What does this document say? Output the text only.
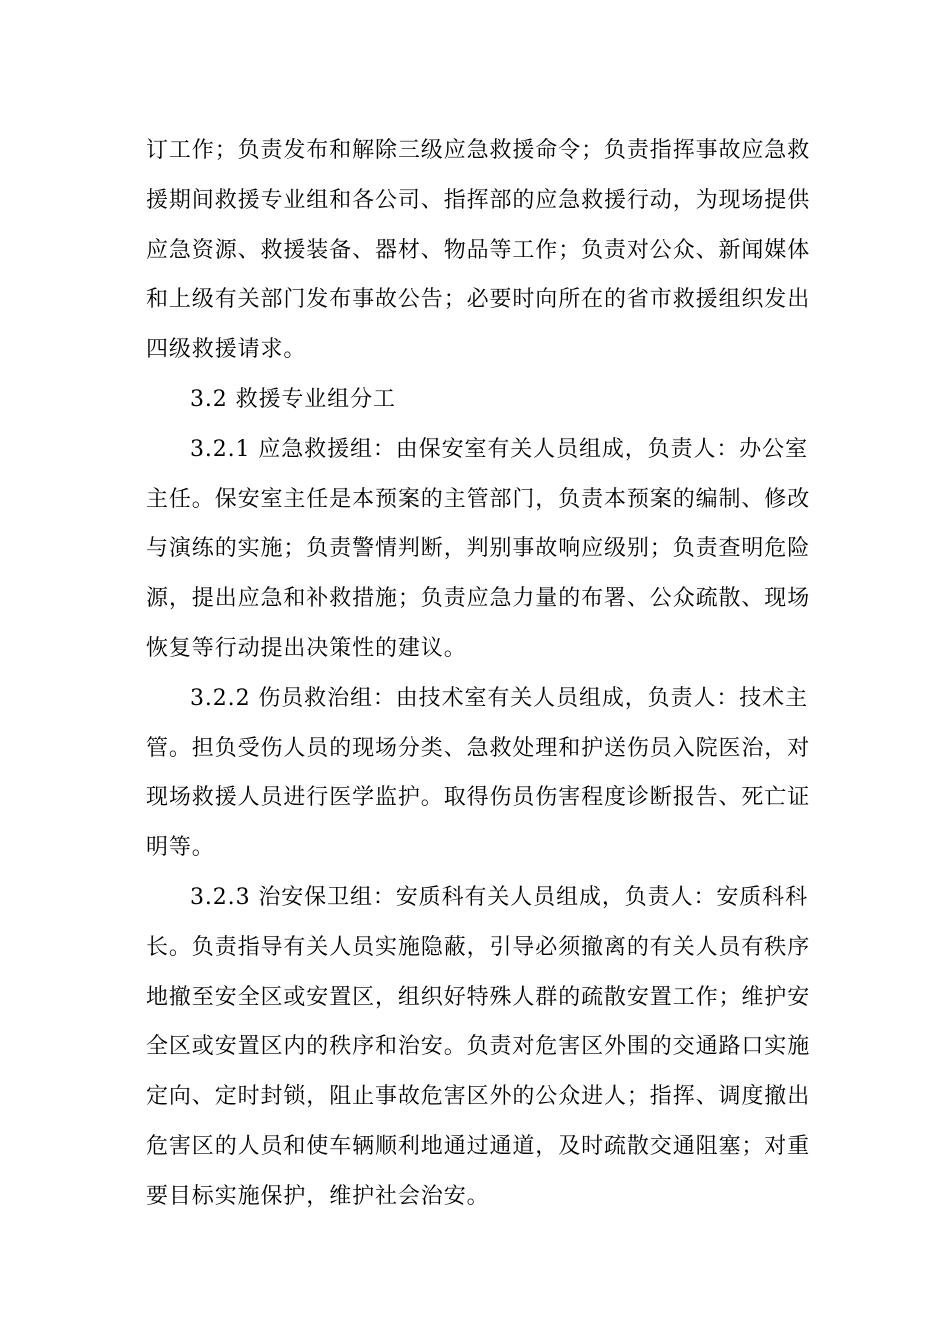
订工作；负责发布和解除三级应急救援命令；负责指挥事故应急救
援期间救援专业组和各公司、指挥部的应急救援行动，为现场提供
应急资源、救援装备、器材、物品等工作；负责对公众、新闻媒体
和上级有关部门发布事故公告；必要时向所在的省市救援组织发出
四级救援请求。
3.2 救援专业组分工
3.2.1 应急救援组：由保安室有关人员组成，负责人：办公室
主任。保安室主任是本预案的主管部门，负责本预案的编制、修改
与演练的实施；负责警情判断，判别事故响应级别；负责查明危险
源，提出应急和补救措施；负责应急力量的布署、公众疏散、现场
恢复等行动提出决策性的建议。
3.2.2 伤员救治组：由技术室有关人员组成，负责人：技术主
管。担负受伤人员的现场分类、急救处理和护送伤员入院医治，对
现场救援人员进行医学监护。取得伤员伤害程度诊断报告、死亡证
明等。
3.2.3 治安保卫组：安质科有关人员组成，负责人：安质科科
长。负责指导有关人员实施隐蔽，引导必须撤离的有关人员有秩序
地撤至安全区或安置区，组织好特殊人群的疏散安置工作；维护安
全区或安置区内的秩序和治安。负责对危害区外围的交通路口实施
定向、定时封锁，阻止事故危害区外的公众进人；指挥、调度撤出
危害区的人员和使车辆顺利地通过通道，及时疏散交通阻塞；对重
要目标实施保护，维护社会治安。
